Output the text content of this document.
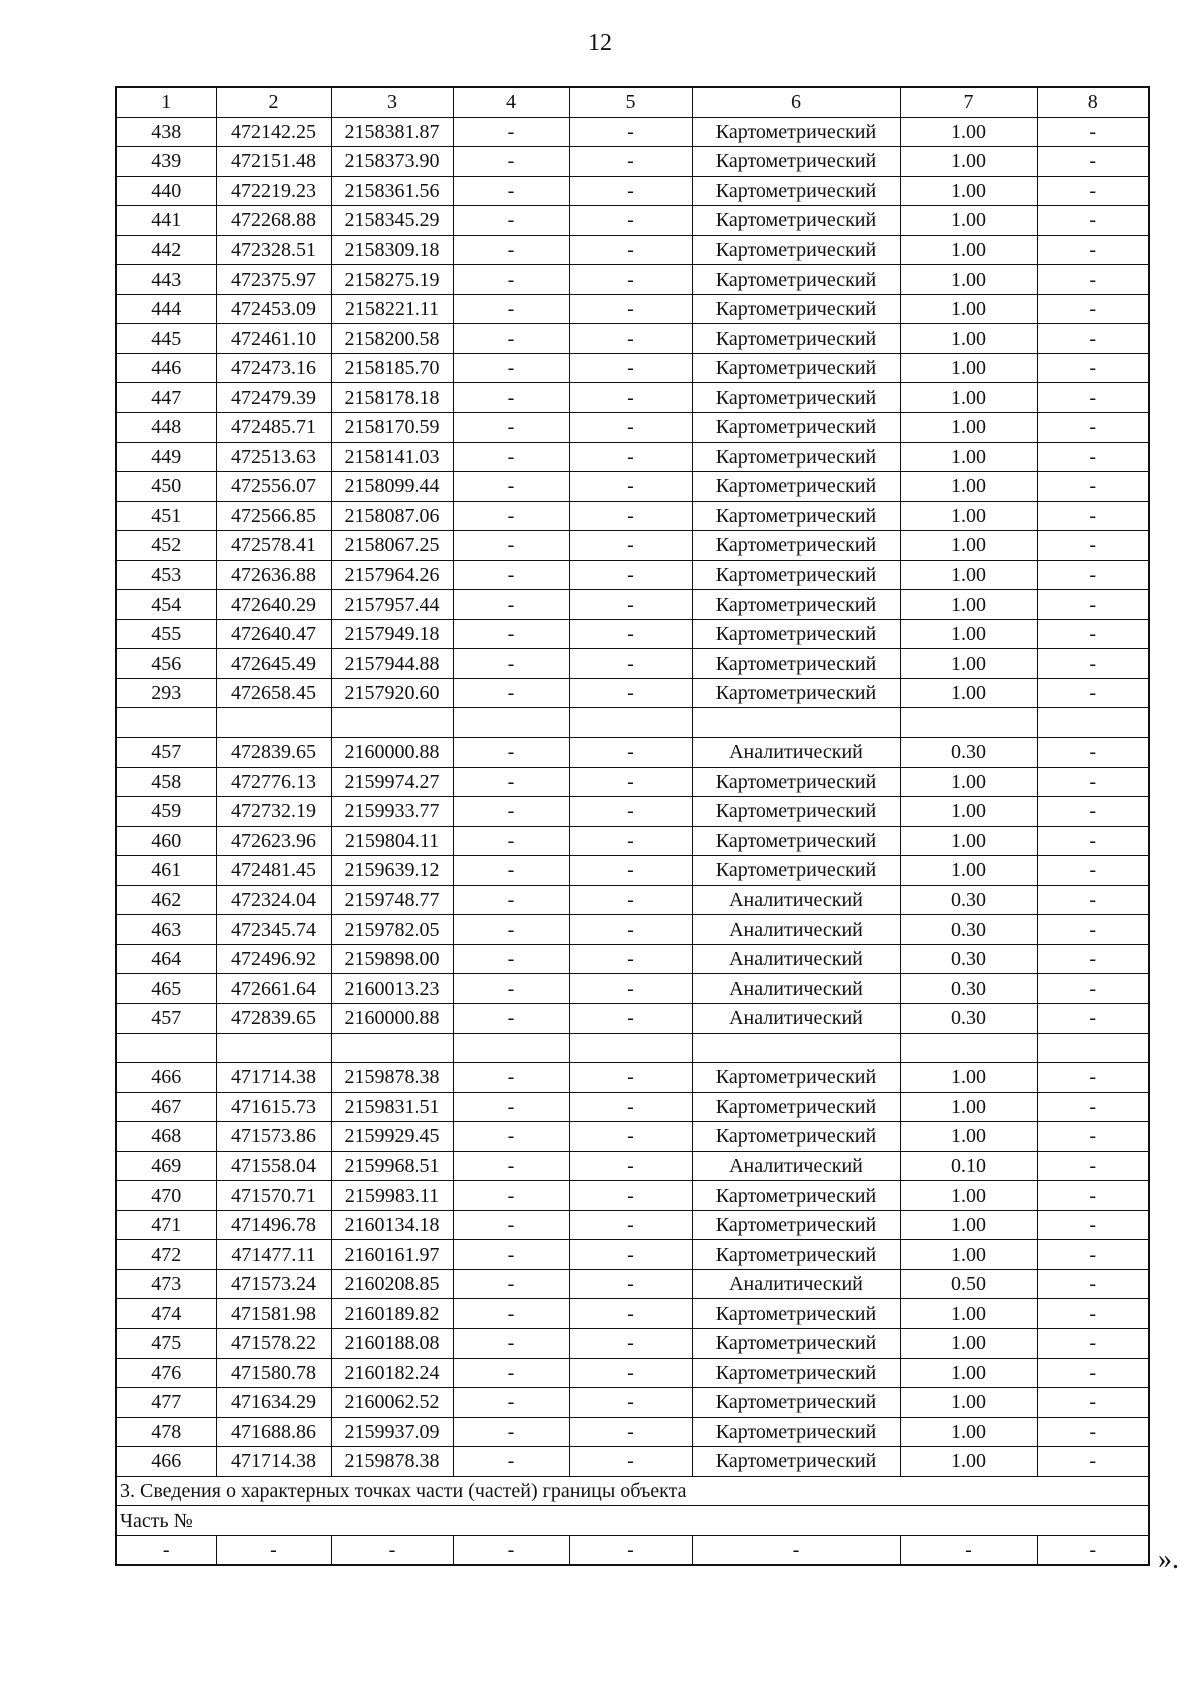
12
1	2	3	4	5	6	7	8
438	472142.25	2158381.87	-	-	Картометрический	1.00	-
439	472151.48	2158373.90	-	-	Картометрический	1.00	-
440	472219.23	2158361.56	-	-	Картометрический	1.00	-
441	472268.88	2158345.29	-	-	Картометрический	1.00	-
442	472328.51	2158309.18	-	-	Картометрический	1.00	-
443	472375.97	2158275.19	-	-	Картометрический	1.00	-
444	472453.09	2158221.11	-	-	Картометрический	1.00	-
445	472461.10	2158200.58	-	-	Картометрический	1.00	-
446	472473.16	2158185.70	-	-	Картометрический	1.00	-
447	472479.39	2158178.18	-	-	Картометрический	1.00	-
448	472485.71	2158170.59	-	-	Картометрический	1.00	-
449	472513.63	2158141.03	-	-	Картометрический	1.00	-
450	472556.07	2158099.44	-	-	Картометрический	1.00	-
451	472566.85	2158087.06	-	-	Картометрический	1.00	-
452	472578.41	2158067.25	-	-	Картометрический	1.00	-
453	472636.88	2157964.26	-	-	Картометрический	1.00	-
454	472640.29	2157957.44	-	-	Картометрический	1.00	-
455	472640.47	2157949.18	-	-	Картометрический	1.00	-
456	472645.49	2157944.88	-	-	Картометрический	1.00	-
293	472658.45	2157920.60	-	-	Картометрический	1.00	-

457	472839.65	2160000.88	-	-	Аналитический	0.30	-
458	472776.13	2159974.27	-	-	Картометрический	1.00	-
459	472732.19	2159933.77	-	-	Картометрический	1.00	-
460	472623.96	2159804.11	-	-	Картометрический	1.00	-
461	472481.45	2159639.12	-	-	Картометрический	1.00	-
462	472324.04	2159748.77	-	-	Аналитический	0.30	-
463	472345.74	2159782.05	-	-	Аналитический	0.30	-
464	472496.92	2159898.00	-	-	Аналитический	0.30	-
465	472661.64	2160013.23	-	-	Аналитический	0.30	-
457	472839.65	2160000.88	-	-	Аналитический	0.30	-

466	471714.38	2159878.38	-	-	Картометрический	1.00	-
467	471615.73	2159831.51	-	-	Картометрический	1.00	-
468	471573.86	2159929.45	-	-	Картометрический	1.00	-
469	471558.04	2159968.51	-	-	Аналитический	0.10	-
470	471570.71	2159983.11	-	-	Картометрический	1.00	-
471	471496.78	2160134.18	-	-	Картометрический	1.00	-
472	471477.11	2160161.97	-	-	Картометрический	1.00	-
473	471573.24	2160208.85	-	-	Аналитический	0.50	-
474	471581.98	2160189.82	-	-	Картометрический	1.00	-
475	471578.22	2160188.08	-	-	Картометрический	1.00	-
476	471580.78	2160182.24	-	-	Картометрический	1.00	-
477	471634.29	2160062.52	-	-	Картометрический	1.00	-
478	471688.86	2159937.09	-	-	Картометрический	1.00	-
466	471714.38	2159878.38	-	-	Картометрический	1.00	-
3. Сведения о характерных точках части (частей) границы объекта							
Часть №							
-	-	-	-	-	-	-	- ».
